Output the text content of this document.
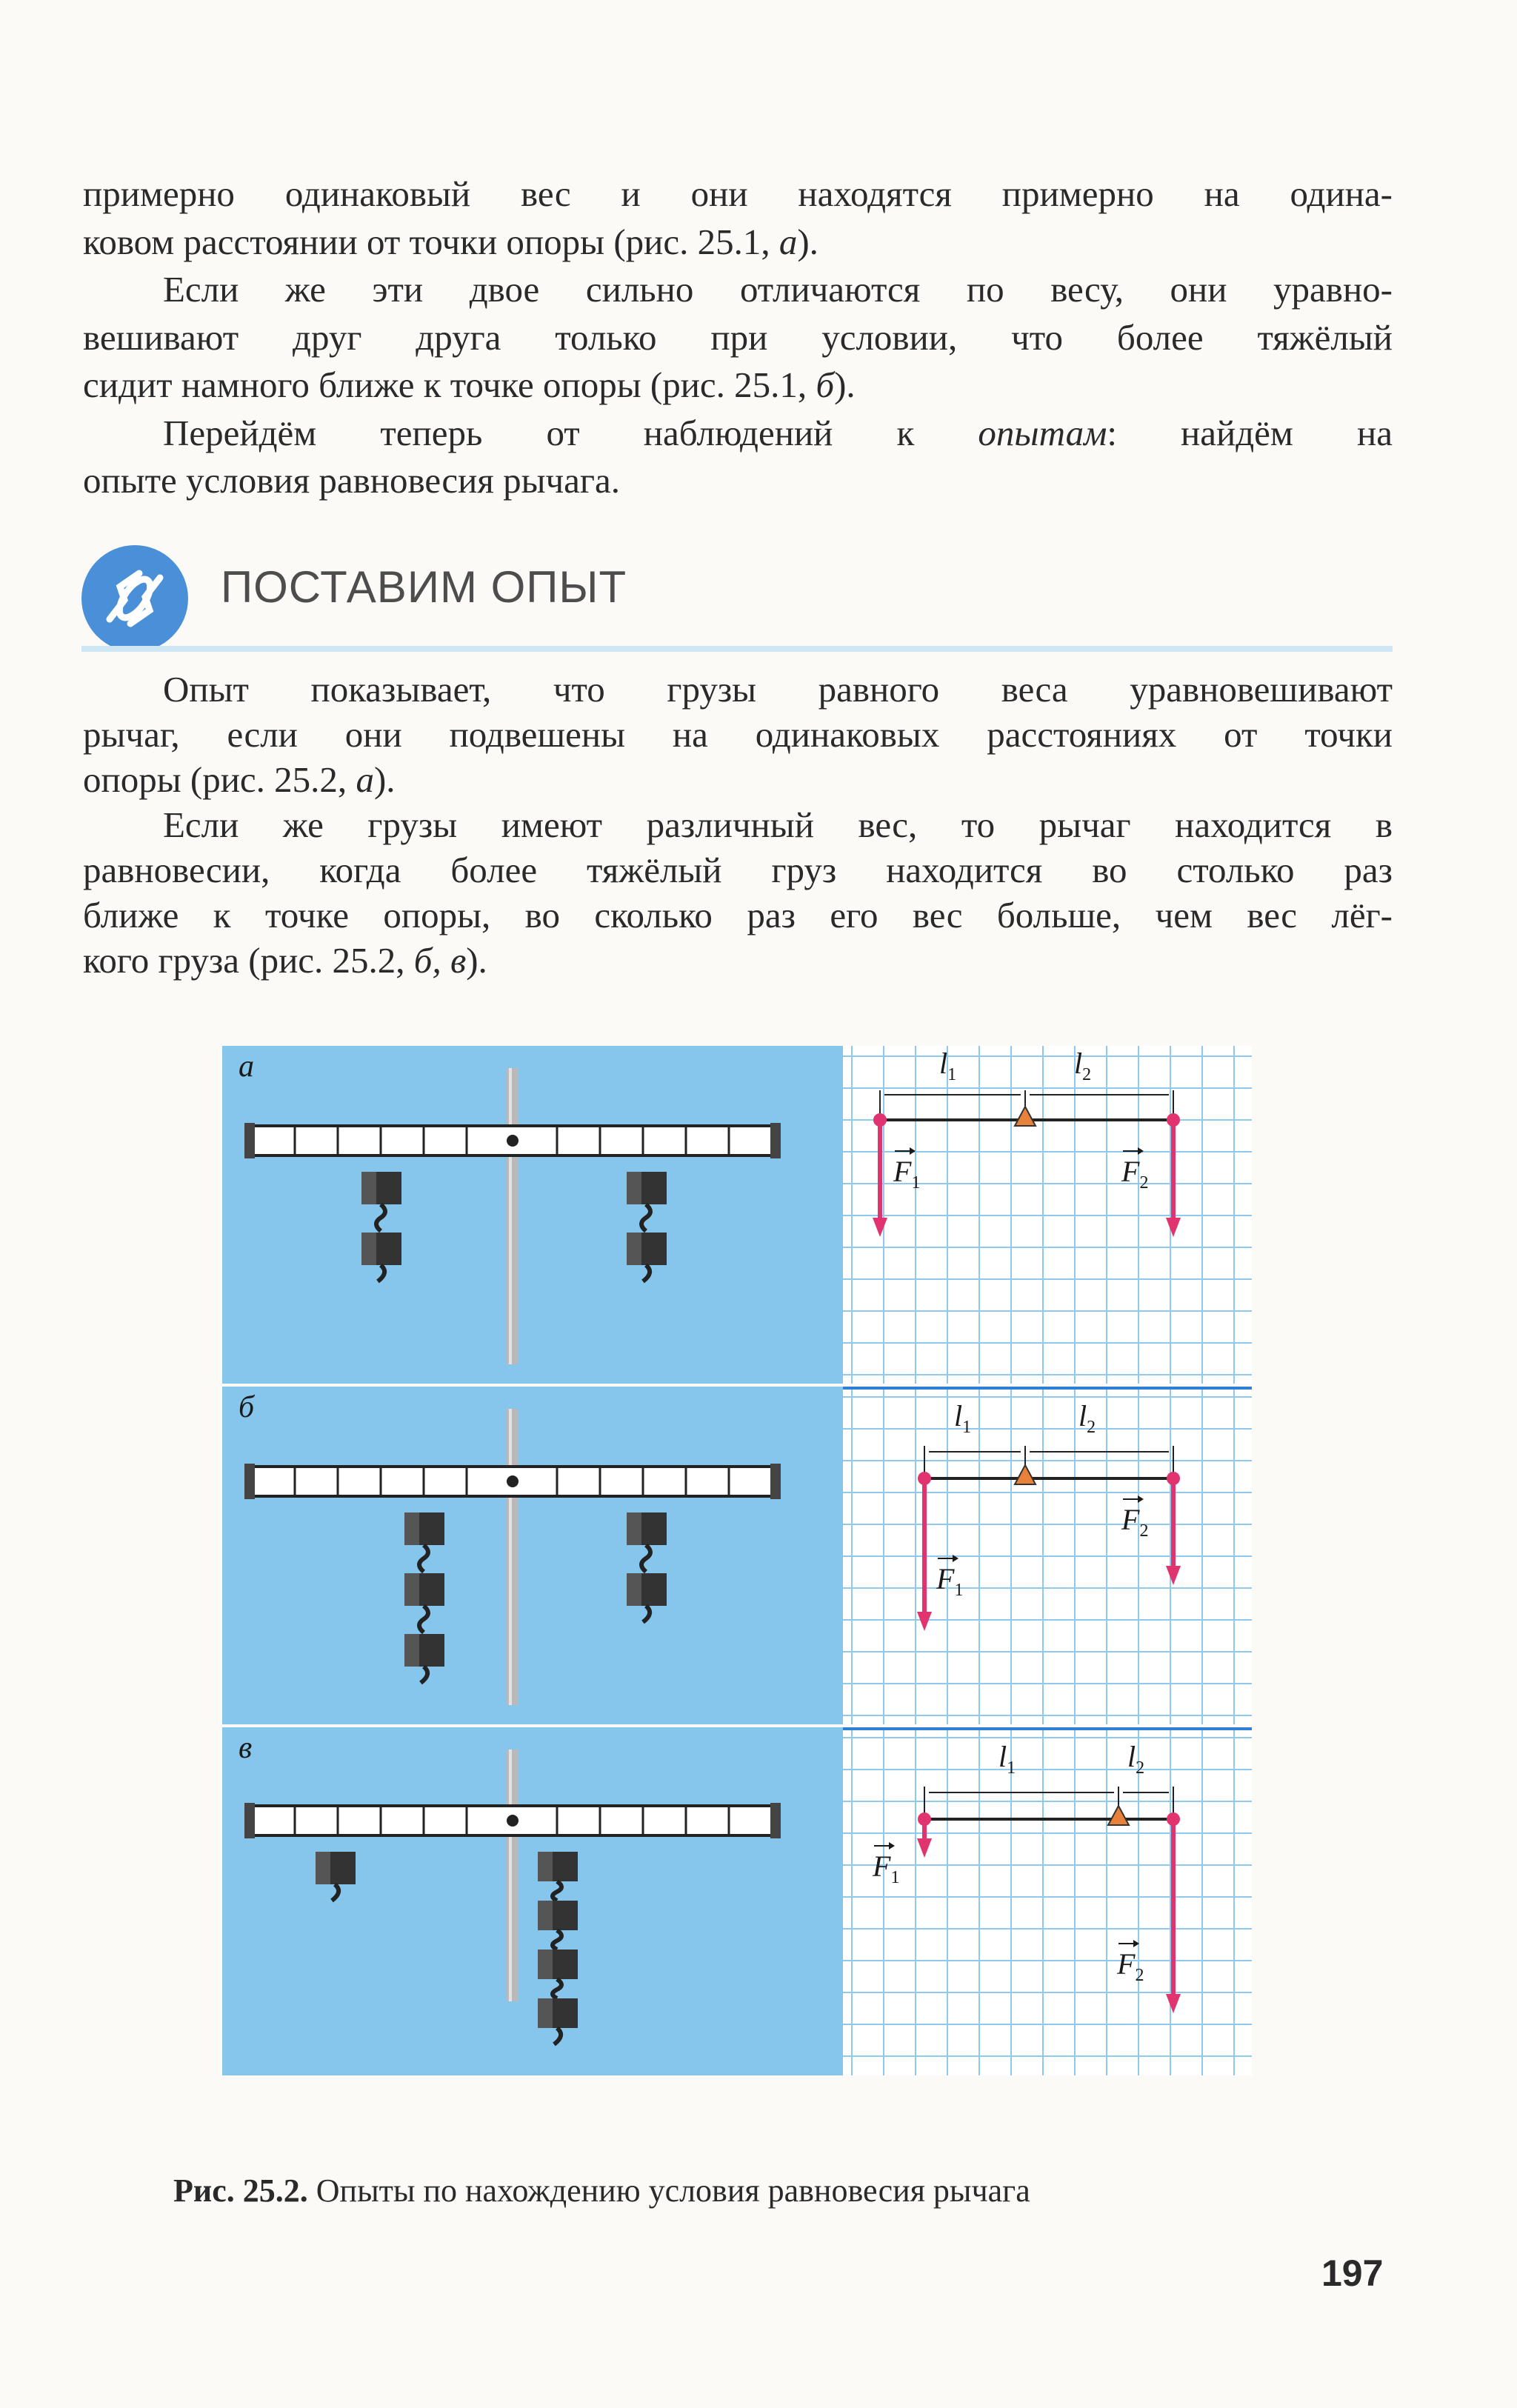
примерно одинаковый вес и они находятся примерно на одина-
ковом расстоянии от точки опоры (рис. 25.1, а).

Если же эти двое сильно отличаются по весу, они уравно-
вешивают друг друга только при условии, что более тяжёлый
сидит намного ближе к точке опоры (рис. 25.1, б).

Перейдём теперь от наблюдений к опытам: найдём на
опыте условия равновесия рычага.

ПОСТАВИМ ОПЫТ

Опыт показывает, что грузы равного веса уравновешивают
рычаг, если они подвешены на одинаковых расстояниях от точки
опоры (рис. 25.2, а).

Если же грузы имеют различный вес, то рычаг находится в
равновесии, когда более тяжёлый груз находится во столько раз
ближе к точке опоры, во сколько раз его вес больше, чем вес лёг-
кого груза (рис. 25.2, б, в).

а	$l_1$	$l_2$
$F_1$	$F_2$
б	$l_1$	$l_2$
$F_1$
$F_2$
в	$l_1$	$l_2$
$F_1$
$F_2$
Рис. 25.2. Опыты по нахождению условия равновесия рычага
197
